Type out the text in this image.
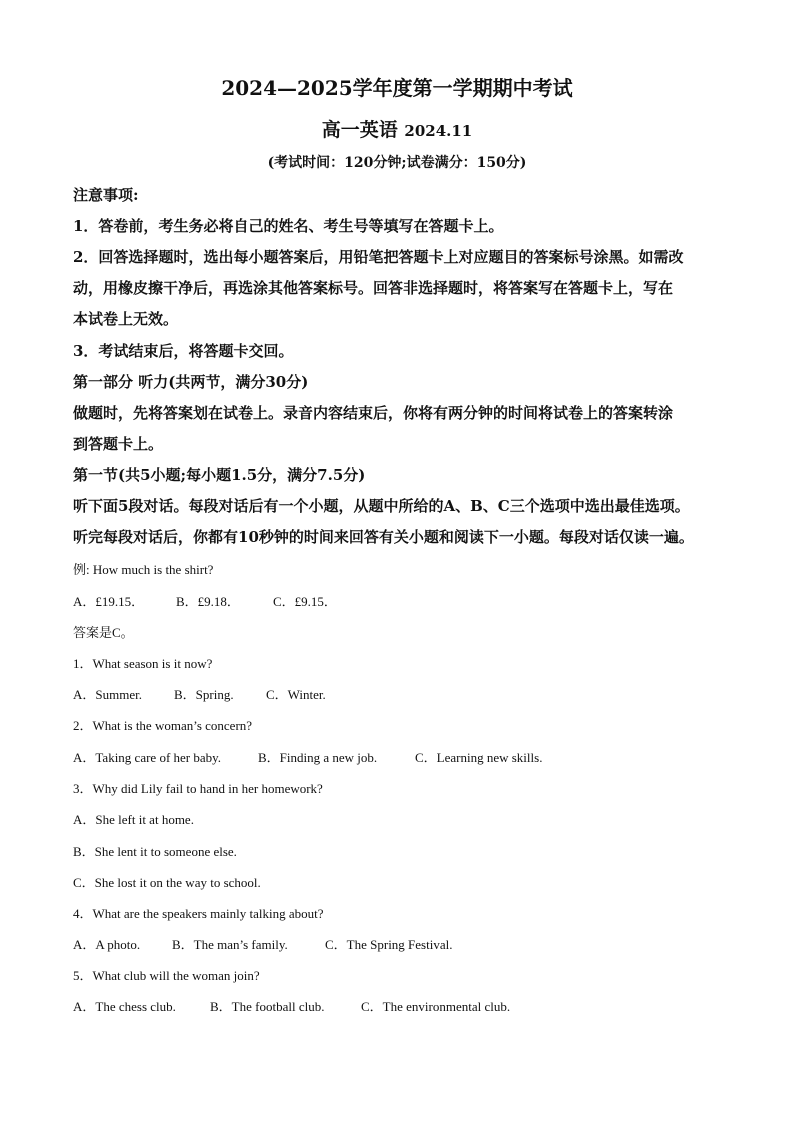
2024—2025学年度第一学期期中考试
高一英语 2024.11
(考试时间：120分钟;试卷满分：150分)
注意事项:
1．答卷前，考生务必将自己的姓名、考生号等填写在答题卡上。
2．回答选择题时，选出每小题答案后，用铅笔把答题卡上对应题目的答案标号涂黑。如需改
动，用橡皮擦干净后，再选涂其他答案标号。回答非选择题时，将答案写在答题卡上，写在
本试卷上无效。
3．考试结束后，将答题卡交回。
第一部分 听力(共两节，满分30分)
做题时，先将答案划在试卷上。录音内容结束后，你将有两分钟的时间将试卷上的答案转涂
到答题卡上。
第一节(共5小题;每小题1.5分，满分7.5分)
听下面5段对话。每段对话后有一个小题，从题中所给的A、B、C三个选项中选出最佳选项。
听完每段对话后，你都有10秒钟的时间来回答有关小题和阅读下一小题。每段对话仅读一遍。
例: How much is the shirt?
A．£19.15． B．£9.18．	C．£9.15．
答案是C。
1．What season is it now?
A．Summer. B．Spring. C．Winter.
2．What is the woman’s concern?
A．Taking care of her baby.	B．Finding a new job.	C．Learning new skills.
3．Why did Lily fail to hand in her homework?
A．She left it at home.
B．She lent it to someone else.
C．She lost it on the way to school.
4．What are the speakers mainly talking about?
A．A photo. B．The man’s family.	C．The Spring Festival.
5．What club will the woman join?
A．The chess club.	B．The football club.	C．The environmental club.
